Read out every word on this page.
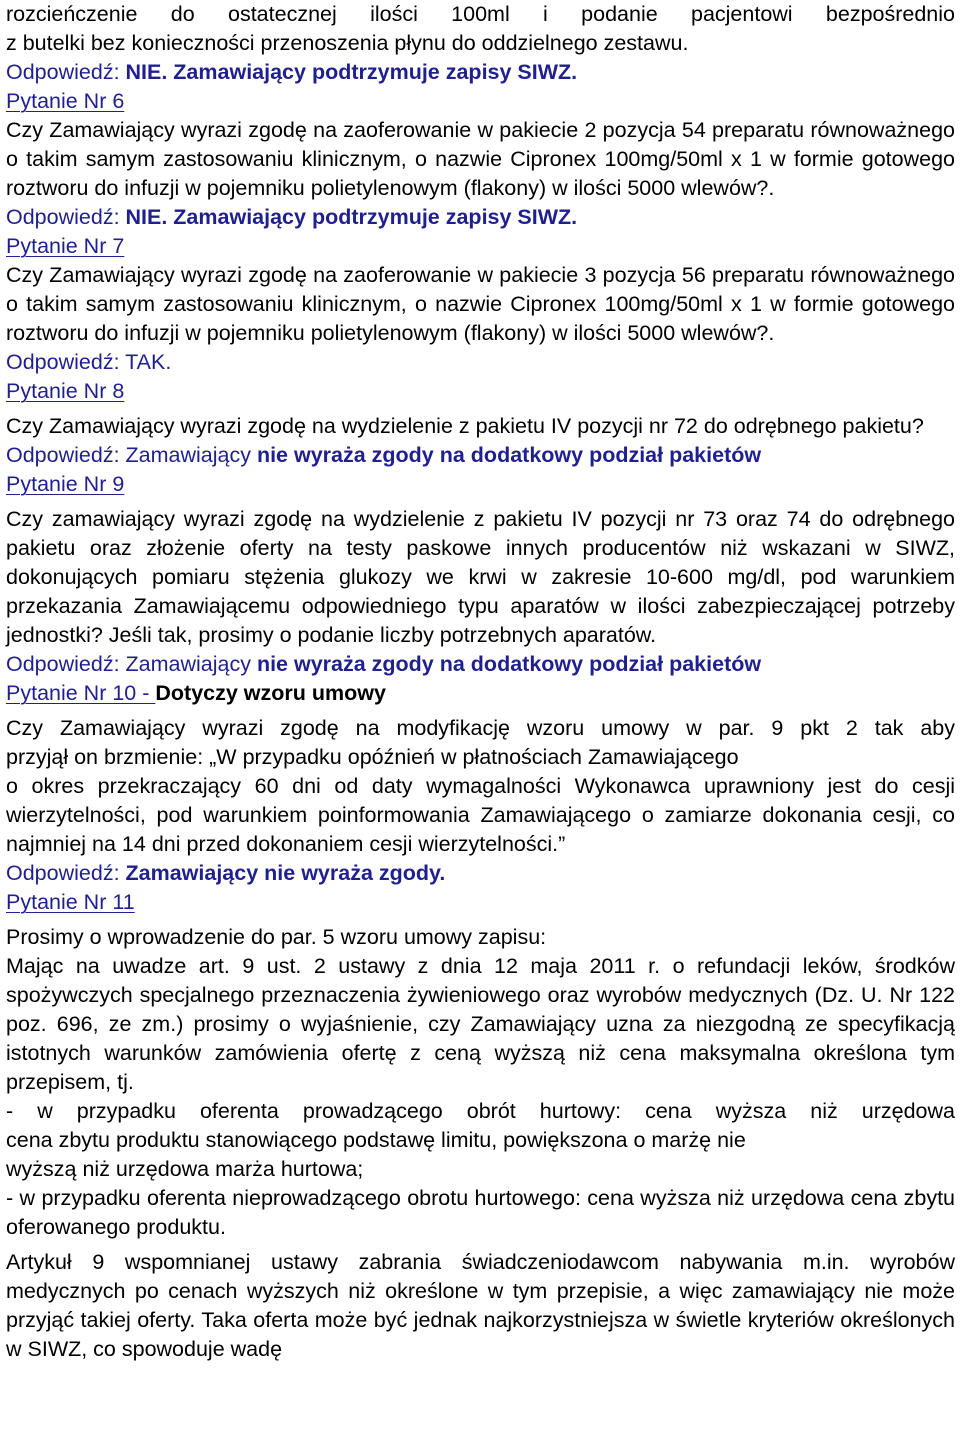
rozcieńczenie do ostatecznej ilości 100ml i podanie pacjentowi bezpośrednio

z butelki bez konieczności przenoszenia płynu do oddzielnego zestawu.

Odpowiedź: NIE. Zamawiający podtrzymuje zapisy SIWZ.

Pytanie Nr 6

Czy Zamawiający wyrazi zgodę na zaoferowanie w pakiecie 2 pozycja 54 preparatu równoważnego o takim samym zastosowaniu klinicznym, o nazwie Cipronex 100mg/50ml x 1 w formie gotowego roztworu do infuzji w pojemniku polietylenowym (flakony) w ilości 5000 wlewów?.

Odpowiedź: NIE. Zamawiający podtrzymuje zapisy SIWZ.

Pytanie Nr 7

Czy Zamawiający wyrazi zgodę na zaoferowanie w pakiecie 3 pozycja 56 preparatu równoważnego o takim samym zastosowaniu klinicznym, o nazwie Cipronex 100mg/50ml x 1 w formie gotowego roztworu do infuzji w pojemniku polietylenowym (flakony) w ilości 5000 wlewów?.

Odpowiedź: TAK.

Pytanie Nr 8

Czy Zamawiający wyrazi zgodę na wydzielenie z pakietu IV pozycji nr 72 do odrębnego pakietu?

Odpowiedź: Zamawiający nie wyraża zgody na dodatkowy podział pakietów

Pytanie Nr 9

Czy zamawiający wyrazi zgodę na wydzielenie z pakietu IV pozycji nr 73 oraz 74 do odrębnego pakietu oraz złożenie oferty na testy paskowe innych producentów niż wskazani w SIWZ, dokonujących pomiaru stężenia glukozy we krwi w zakresie 10-600 mg/dl, pod warunkiem przekazania Zamawiającemu odpowiedniego typu aparatów w ilości zabezpieczającej potrzeby jednostki? Jeśli tak, prosimy o podanie liczby potrzebnych aparatów.

Odpowiedź: Zamawiający nie wyraża zgody na dodatkowy podział pakietów

Pytanie Nr 10 - Dotyczy wzoru umowy

Czy Zamawiający wyrazi zgodę na modyfikację wzoru umowy w par. 9 pkt 2 tak aby

przyjął on brzmienie: „W przypadku opóźnień w płatnościach Zamawiającego

o okres przekraczający 60 dni od daty wymagalności Wykonawca uprawniony jest do cesji wierzytelności, pod warunkiem poinformowania Zamawiającego o zamiarze dokonania cesji, co najmniej na 14 dni przed dokonaniem cesji wierzytelności.”

Odpowiedź: Zamawiający nie wyraża zgody.

Pytanie Nr 11

Prosimy o wprowadzenie do par. 5 wzoru umowy zapisu:

Mając na uwadze art. 9 ust. 2 ustawy z dnia 12 maja 2011 r. o refundacji leków, środków spożywczych specjalnego przeznaczenia żywieniowego oraz wyrobów medycznych (Dz. U. Nr 122 poz. 696, ze zm.) prosimy o wyjaśnienie, czy Zamawiający uzna za niezgodną ze specyfikacją istotnych warunków zamówienia ofertę z ceną wyższą niż cena maksymalna określona tym przepisem, tj.

- w przypadku oferenta prowadzącego obrót hurtowy: cena wyższa niż urzędowa

cena zbytu produktu stanowiącego podstawę limitu, powiększona o marżę nie

wyższą niż urzędowa marża hurtowa;

- w przypadku oferenta nieprowadzącego obrotu hurtowego: cena wyższa niż urzędowa cena zbytu oferowanego produktu.

Artykuł 9 wspomnianej ustawy zabrania świadczeniodawcom nabywania m.in. wyrobów medycznych po cenach wyższych niż określone w tym przepisie, a więc zamawiający nie może przyjąć takiej oferty. Taka oferta może być jednak najkorzystniejsza w świetle kryteriów określonych w SIWZ, co spowoduje wadę
